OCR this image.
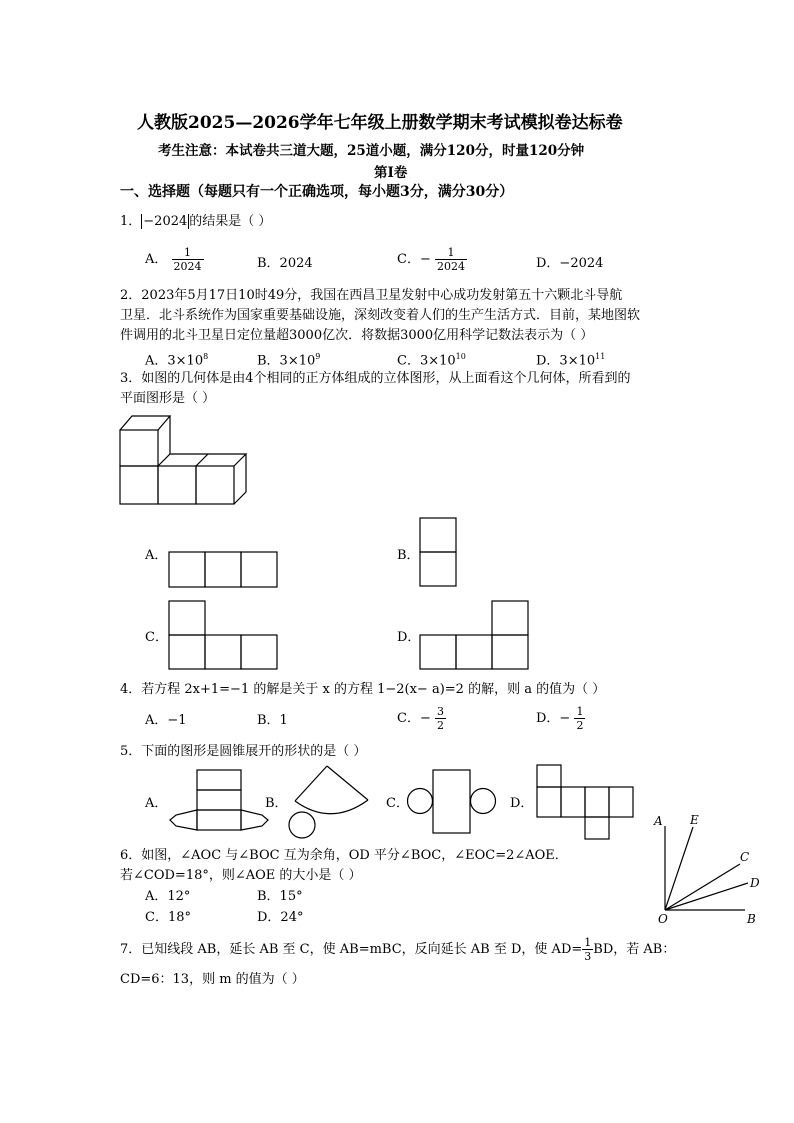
人教版2025—2026学年七年级上册数学期末考试模拟卷达标卷
考生注意：本试卷共三道大题，25道小题，满分120分，时量120分钟
第Ⅰ卷
一、选择题（每题只有一个正确选项，每小题3分，满分30分）
1． −2024 的结果是（ ）
A． $\frac{1}{2024}$	B．2024	C．− $\frac{1}{2024}$	D．−2024
2．2023年5月17日10时49分，我国在西昌卫星发射中心成功发射第五十六颗北斗导航
卫星．北斗系统作为国家重要基础设施，深刻改变着人们的生产生活方式．目前，某地图软
件调用的北斗卫星日定位量超3000亿次．将数据3000亿用科学记数法表示为（ ）
A．$3\times 10^8$	B．$3\times 10^9$	C．$3\times 10^{10}$	D．$3\times 10^{11}$
3．如图的几何体是由4个相同的正方体组成的立体图形，从上面看这个几何体，所看到的
平面图形是（ ）
A．	B．
C．	D．
4．若方程 2x+1=−1 的解是关于 x 的方程 1−2(x− a)=2 的解，则 a 的值为（ ）
A．−1	B．1	C．− $\frac{3}{2}$	D．− $\frac{1}{2}$
5．下面的图形是圆锥展开的形状的是（ ）
A．	B．	C．	D．
6．如图，∠AOC 与∠BOC 互为余角，OD 平分∠BOC，∠EOC=2∠AOE．
若∠COD=18°，则∠AOE 的大小是（ ）
A．12°	B．15°
C．18°	D．24°
A E
C
D
O	B
7．已知线段 AB，延长 AB 至 C，使 AB=mBC，反向延长 AB 至 D，使 $AD= \frac{1}{3}$ BD，若 AB：
CD=6：13，则 m 的值为（ ）
